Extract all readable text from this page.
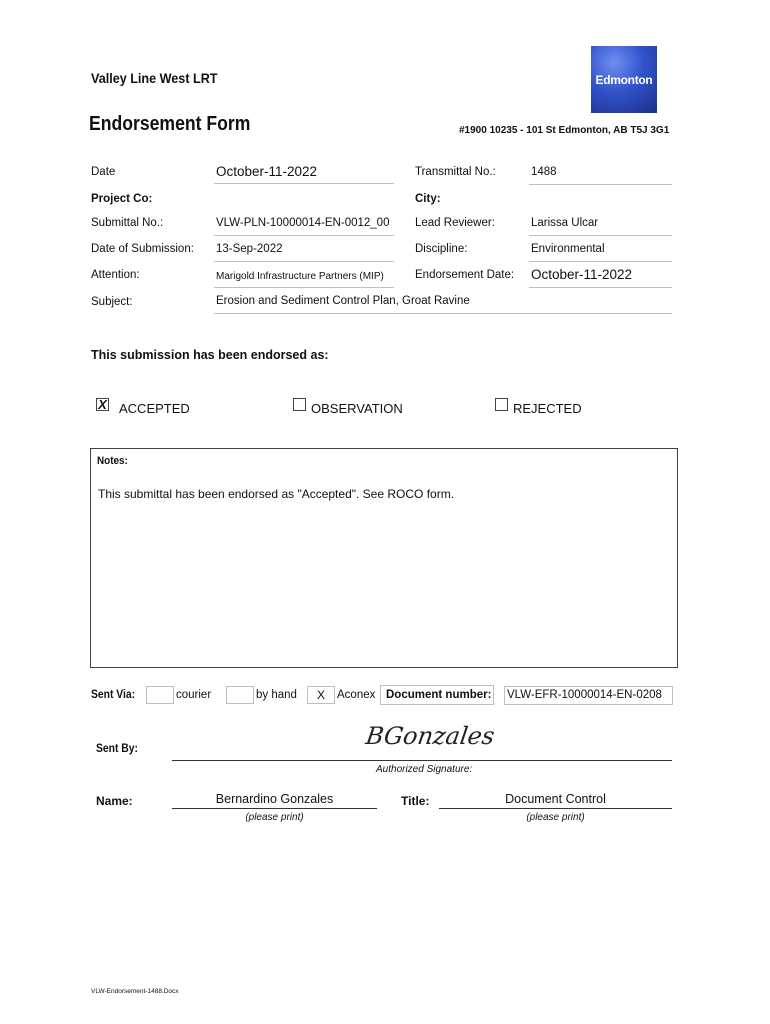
Valley Line West LRT	Edmonton
Endorsement Form	#1900 10235 - 101 St Edmonton, AB T5J 3G1
Date	October-11-2022	Transmittal No.:	1488
Project Co:	City:
Submittal No.:	VLW-PLN-10000014-EN-0012_00	Lead Reviewer:	Larissa Ulcar
Date of Submission: 13-Sep-2022	Discipline:	Environmental
Attention:	Marigold Infrastructure Partners (MIP)	Endorsement Date: October-11-2022
Subject:	Erosion and Sediment Control Plan, Groat Ravine
This submission has been endorsed as:
X ACCEPTED	OBSERVATION	REJECTED
Notes:
This submittal has been endorsed as "Accepted". See ROCO form.
Sent Via:	courier	by hand	X	Aconex Document number: VLW-EFR-10000014-EN-0208
Sent By:	BGonzales
Authorized Signature:
Name:	Bernardino Gonzales
(please print)
Title:	Document Control
(please print)
VLW-Endorsement-1488.Docx
